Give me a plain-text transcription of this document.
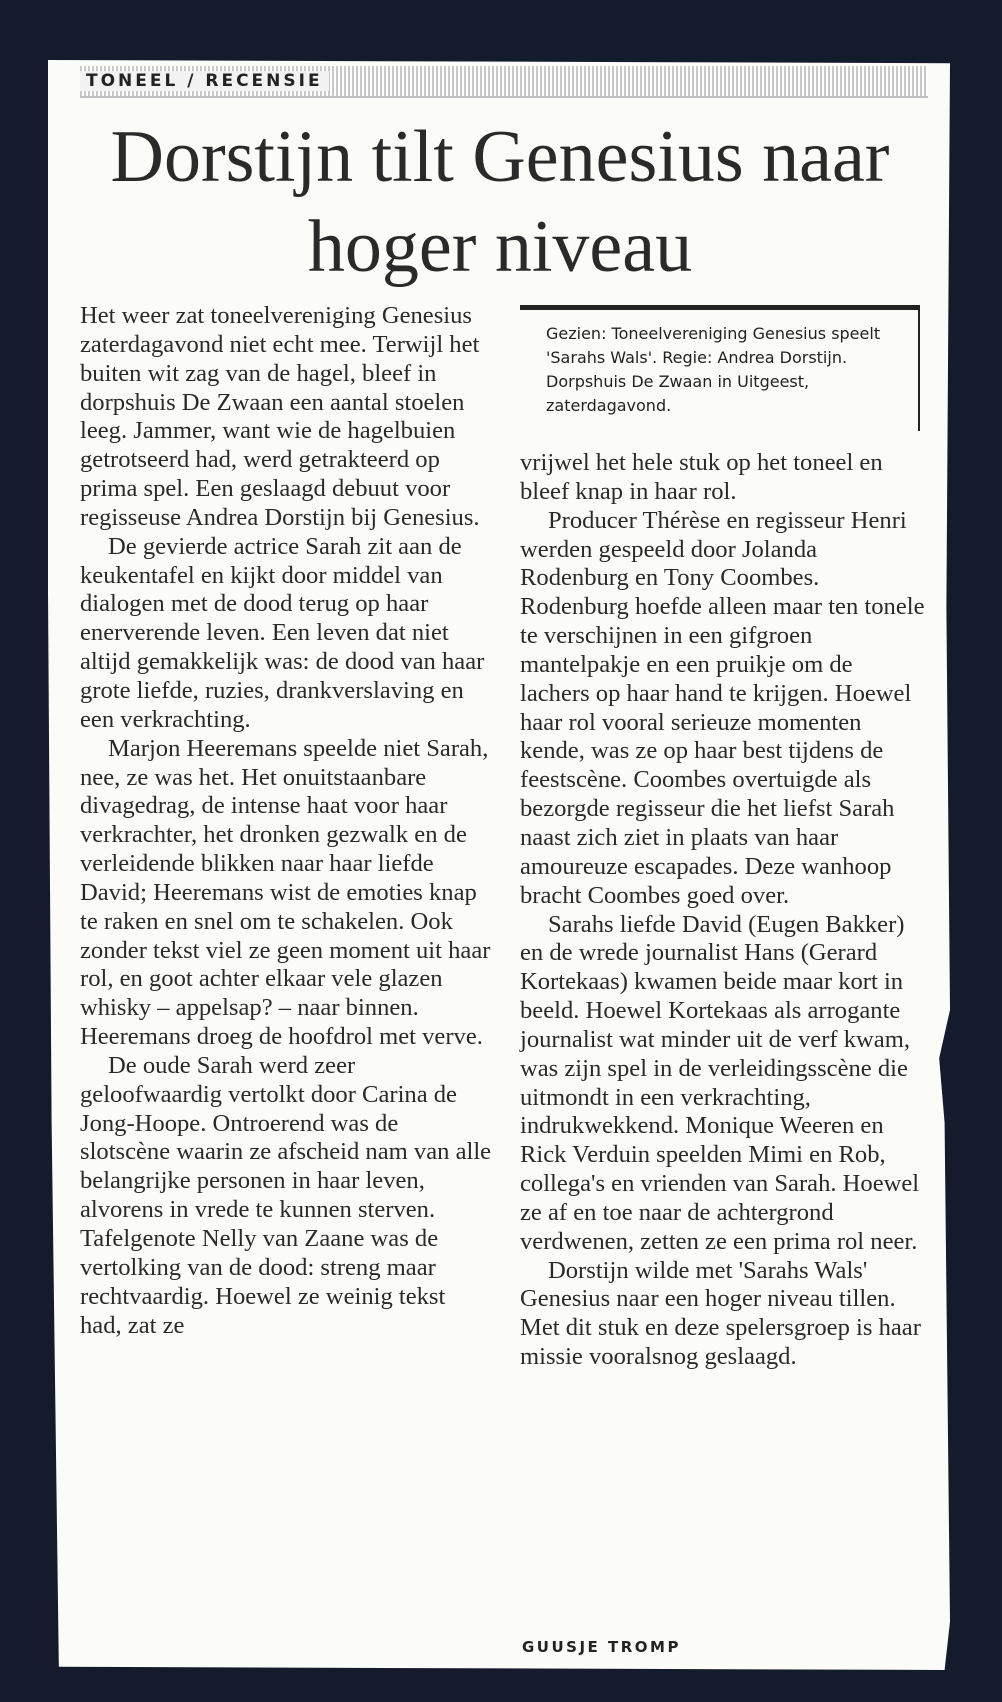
TONEEL / RECENSIE
Dorstijn tilt Genesius naar hoger niveau

Het weer zat toneelvereniging Genesius zaterdagavond niet echt mee. Terwijl het buiten wit zag van de hagel, bleef in dorpshuis De Zwaan een aantal stoelen leeg. Jammer, want wie de hagelbuien getrotseerd had, werd getrakteerd op prima spel. Een geslaagd debuut voor regisseuse Andrea Dorstijn bij Genesius.

De gevierde actrice Sarah zit aan de keukentafel en kijkt door middel van dialogen met de dood terug op haar enerverende leven. Een leven dat niet altijd gemakkelijk was: de dood van haar grote liefde, ruzies, drankverslaving en een verkrachting.

Marjon Heeremans speelde niet Sarah, nee, ze was het. Het onuitstaanbare divagedrag, de intense haat voor haar verkrachter, het dronken gezwalk en de verleidende blikken naar haar liefde David; Heeremans wist de emoties knap te raken en snel om te schakelen. Ook zonder tekst viel ze geen moment uit haar rol, en goot achter elkaar vele glazen whisky – appelsap? – naar binnen. Heeremans droeg de hoofdrol met verve.

De oude Sarah werd zeer geloofwaardig vertolkt door Carina de Jong-Hoope. Ontroerend was de slotscène waarin ze afscheid nam van alle belangrijke personen in haar leven, alvorens in vrede te kunnen sterven. Tafelgenote Nelly van Zaane was de vertolking van de dood: streng maar rechtvaardig. Hoewel ze weinig tekst had, zat ze

Gezien: Toneelvereniging Genesius speelt 'Sarahs Wals'. Regie: Andrea Dorstijn. Dorpshuis De Zwaan in Uitgeest, zaterdagavond.

vrijwel het hele stuk op het toneel en bleef knap in haar rol.

Producer Thérèse en regisseur Henri werden gespeeld door Jolanda Rodenburg en Tony Coombes. Rodenburg hoefde alleen maar ten tonele te verschijnen in een gifgroen mantelpakje en een pruikje om de lachers op haar hand te krijgen. Hoewel haar rol vooral serieuze momenten kende, was ze op haar best tijdens de feestscène. Coombes overtuigde als bezorgde regisseur die het liefst Sarah naast zich ziet in plaats van haar amoureuze escapades. Deze wanhoop bracht Coombes goed over.

Sarahs liefde David (Eugen Bakker) en de wrede journalist Hans (Gerard Kortekaas) kwamen beide maar kort in beeld. Hoewel Kortekaas als arrogante journalist wat minder uit de verf kwam, was zijn spel in de verleidingsscène die uitmondt in een verkrachting, indrukwekkend. Monique Weeren en Rick Verduin speelden Mimi en Rob, collega's en vrienden van Sarah. Hoewel ze af en toe naar de achtergrond verdwenen, zetten ze een prima rol neer.

Dorstijn wilde met 'Sarahs Wals' Genesius naar een hoger niveau tillen. Met dit stuk en deze spelersgroep is haar missie vooralsnog geslaagd.

GUUSJE TROMP
